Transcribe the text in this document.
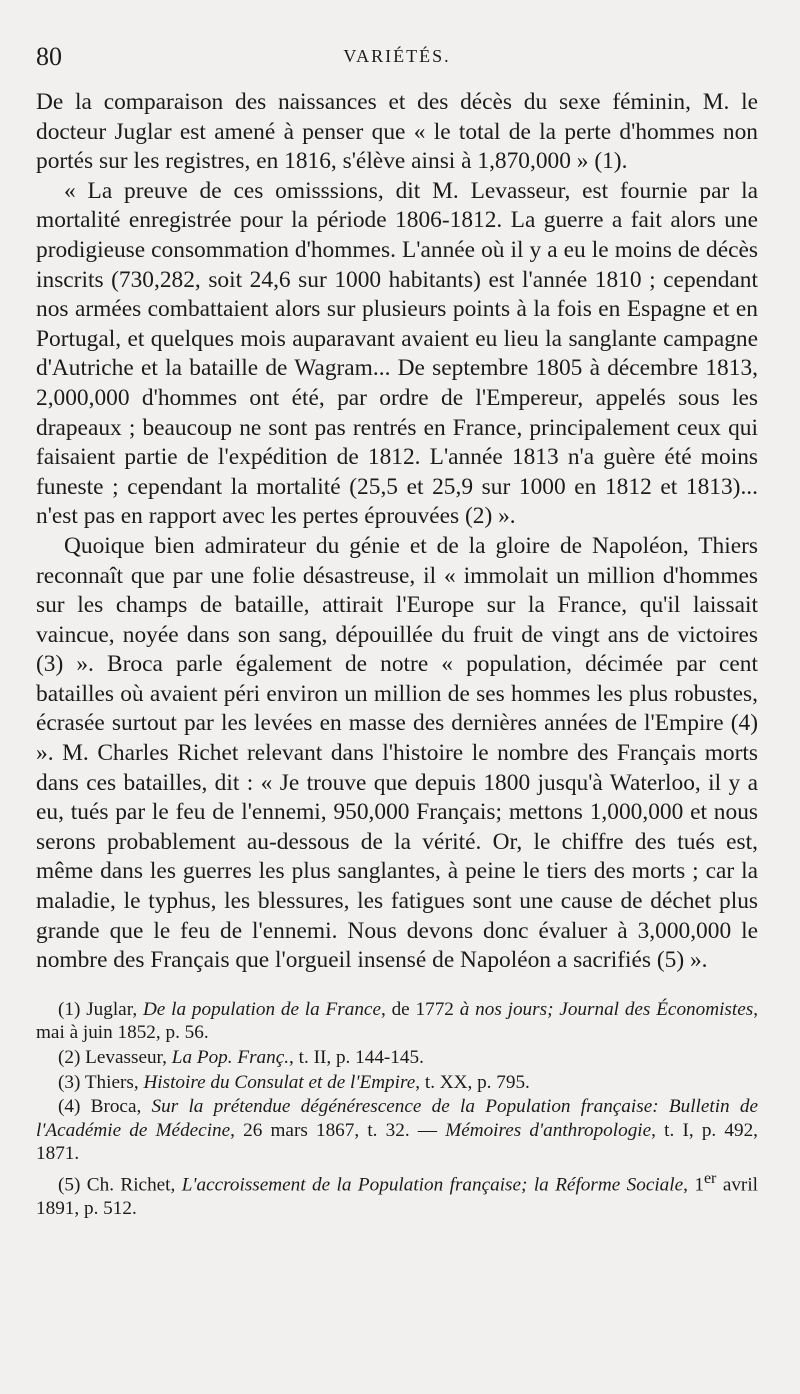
80	VARIÉTÉS.

De la comparaison des naissances et des décès du sexe féminin, M. le docteur Juglar est amené à penser que « le total de la perte d'hommes non portés sur les registres, en 1816, s'élève ainsi à 1,870,000 » (1).

« La preuve de ces omisssions, dit M. Levasseur, est fournie par la mortalité enregistrée pour la période 1806-1812. La guerre a fait alors une prodigieuse consommation d'hommes. L'année où il y a eu le moins de décès inscrits (730,282, soit 24,6 sur 1000 habitants) est l'année 1810 ; cependant nos armées combattaient alors sur plusieurs points à la fois en Espagne et en Portugal, et quelques mois auparavant avaient eu lieu la sanglante campagne d'Autriche et la bataille de Wagram... De septembre 1805 à décembre 1813, 2,000,000 d'hommes ont été, par ordre de l'Empereur, appelés sous les drapeaux ; beaucoup ne sont pas rentrés en France, principalement ceux qui faisaient partie de l'expédition de 1812. L'année 1813 n'a guère été moins funeste ; cependant la mortalité (25,5 et 25,9 sur 1000 en 1812 et 1813)... n'est pas en rapport avec les pertes éprouvées (2) ».

Quoique bien admirateur du génie et de la gloire de Napoléon, Thiers reconnaît que par une folie désastreuse, il « immolait un million d'hommes sur les champs de bataille, attirait l'Europe sur la France, qu'il laissait vaincue, noyée dans son sang, dépouillée du fruit de vingt ans de victoires (3) ». Broca parle également de notre « population, décimée par cent batailles où avaient péri environ un million de ses hommes les plus robustes, écrasée surtout par les levées en masse des dernières années de l'Empire (4) ». M. Charles Richet relevant dans l'histoire le nombre des Français morts dans ces batailles, dit : « Je trouve que depuis 1800 jusqu'à Waterloo, il y a eu, tués par le feu de l'ennemi, 950,000 Français; mettons 1,000,000 et nous serons probablement au-dessous de la vérité. Or, le chiffre des tués est, même dans les guerres les plus sanglantes, à peine le tiers des morts ; car la maladie, le typhus, les blessures, les fatigues sont une cause de déchet plus grande que le feu de l'ennemi. Nous devons donc évaluer à 3,000,000 le nombre des Français que l'orgueil insensé de Napoléon a sacrifiés (5) ».

(1) Juglar, De la population de la France, de 1772 à nos jours; Journal des Économistes, mai à juin 1852, p. 56.

(2) Levasseur, La Pop. Franç., t. II, p. 144-145.

(3) Thiers, Histoire du Consulat et de l'Empire, t. XX, p. 795.

(4) Broca, Sur la prétendue dégénérescence de la Population française: Bulletin de l'Académie de Médecine, 26 mars 1867, t. 32. — Mémoires d'anthropologie, t. I, p. 492, 1871.

(5) Ch. Richet, L'accroissement de la Population française; la Réforme Sociale, 1er avril 1891, p. 512.
